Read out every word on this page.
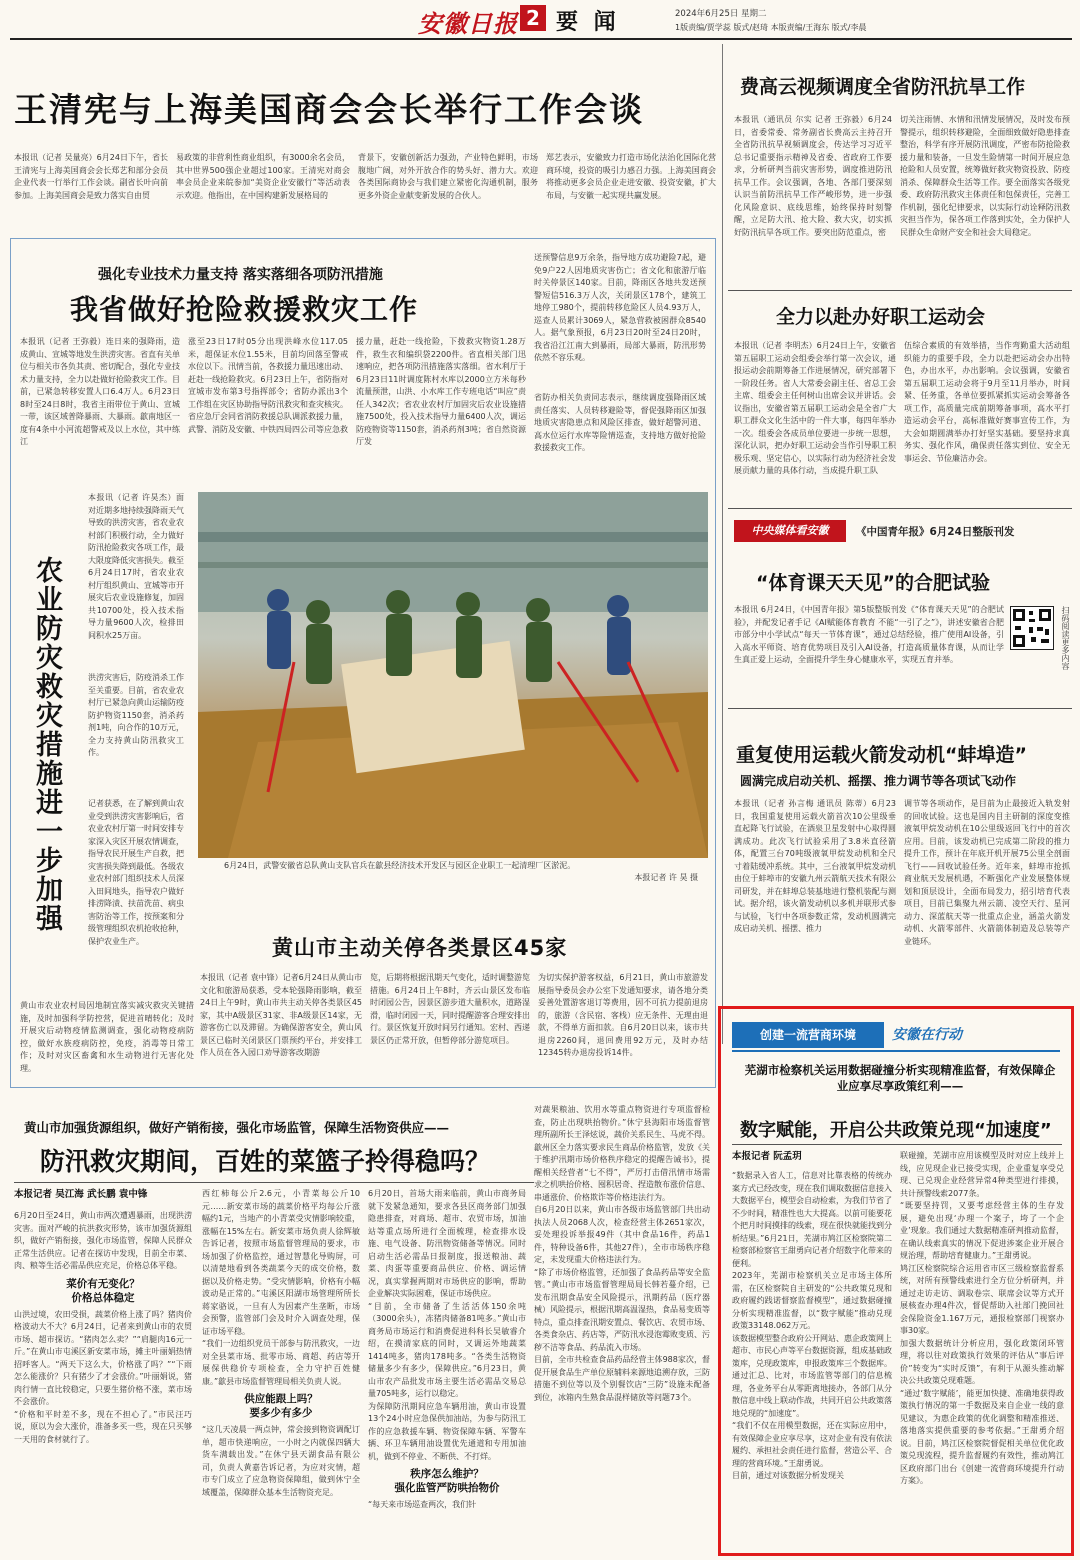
安徽日报 2 要 闻	2024年6月25日 星期二
1版责编/贾学蕊 版式/赵琦 本版责编/王海东 版式/李晨
王清宪与上海美国商会会长举行工作会谈
本报讯（记者 吴量亮）6月24日下午，省长王清宪与上海美国商会会长郑艺和部分会员企业代表一行举行工作会谈。副省长叶向前参加。上海美国商会是致力落实自由贸
易政策的非营利性商业组织，有3000余名会员，其中世界500强企业超过100家。王清宪对商会率会员企业来皖参加“美资企业安徽行”等活动表示欢迎。他指出，在中国构建新发展格局的
背景下，安徽创新活力强劲，产业特色鲜明，市场腹地广阔，对外开放合作的势头好、潜力大。欢迎各类国际商协会与我们建立紧密化沟通机制，服务更多外资企业献变新发展的合伙人。
郑艺表示，安徽致力打造市场化法治化国际化营商环境，投资的吸引力感召力强。上海美国商会将推动更多会员企业走进安徽、投资安徽，扩大布局，与安徽一起实现共赢发展。
费高云视频调度全省防汛抗旱工作
本报讯（通讯员 尔实 记者 王弥毅）6月24日，省委常委、常务副省长费高云主持召开全省防汛抗旱视频调度会，传达学习习近平总书记重要指示精神及省委、省政府工作要求，分析研判当前灾害形势，调度推进防汛抗旱工作。会议强调，各地、各部门要深刻认识当前防汛抗旱工作严峻形势，进一步强化风险意识、底线思维，始终保持时刻警醒，立足防大汛、抢大险、救大灾，切实抓好防汛抗旱各项工作。要突出防范重点，密
切关注雨情、水情和汛情发展情况，及时发布预警提示，组织转移避险，全面细致做好隐患排查整治，科学有序开展防汛调度，严密布防抢险救援力量和装备，一旦发生险情第一时间开展应急抢险和人员安置，统筹做好救灾物资投放、防疫消杀、保障群众生活等工作。要全面落实各级党委、政府防汛救灾主体责任和包保责任，完善工作机制，强化纪律要求，以实际行动诠释防汛救灾担当作为，保各项工作落到实处，全力保护人民群众生命财产安全和社会大局稳定。
强化专业技术力量支持 落实落细各项防汛措施
我省做好抢险救援救灾工作
本报讯（记者 王弥毅）连日来的强降雨，造成黄山、宣城等地发生洪涝灾害。省直有关单位与相关市各负其责、密切配合，强化专业技术力量支持，全力以赴做好抢险救灾工作。目前，已紧急转移安置人口6.4万人。6月23日8时至24日8时，我省主雨带位于黄山、宣城一带，该区域普降暴雨、大暴雨。歙南地区一度有4条中小河流超警戒及以上水位，其中练江
涨至23日17时05分出现洪峰水位117.05米，超保证水位1.55米，目前均回落至警戒水位以下。汛情当前，各救援力量迅速出动、赶赴一线抢险救灾。6月23日上午，省防指对宣城市发布第3号指挥部令；省防办派出3个工作组在灾区协助指导防汛救灾和查灾核灾。省应急厅会同省消防救援总队调派救援力量，武警、消防及安徽、中铁四局四公司等应急救
援力量，赶赴一线抢险，下拨救灾物资1.28万件，救生衣和编织袋2200件。省直相关部门迅速响应，把各项防汛措施落实落细。省水利厅于6月23日11时调度陈村水库以2000立方米每秒流量预泄，山洪、小水库工作专班电话“叫应”责任人342次；省农业农村厅加固灾后农业设施措施7500处，投入技术指导力量6400人次，调运防疫物资等1150套，消杀药剂3吨；省自然资源厅发
送预警信息9万余条，指导地方成功避险7起，避免9户22人因地质灾害伤亡；省文化和旅游厅临时关停景区140家。目前，降雨区各地共发送预警短信516.3万人次，关闭景区178个，建筑工地停工980个，提前转移危险区人员4.93万人，巡查人员累计3069人，紧急营救被困群众8540人。据气象预报，6月23日20时至24日20时，我省沿江江南大到暴雨，局部大暴雨，防汛形势依然不容乐观。
省防办相关负责同志表示，继续调度强降雨区域责任落实、人员转移避险等，督促强降雨区加强地质灾害隐患点和风险区排查，做好超警河道、高水位运行水库等险情巡查，支持地方做好抢险救援救灾工作。
农业防灾救灾措施进一步加强
本报讯（记者 许昊杰）面对近期多地持续强降雨天气导致的洪涝灾害，省农业农村部门积极行动，全力做好防汛抢险救灾各项工作，最大限度降低灾害损失。截至6月24日17时，省农业农村厅组织黄山、宣城等市开展灾后农业设施修复，加固共10700处，投入技术指导力量9600人次，检排田间积水25万亩。
洪涝灾害后，防疫消杀工作至关重要。目前，省农业农村厅已紧急向黄山运输防疫防护物资1150套，消杀药剂1吨，向合作的10万元，全力支持黄山防汛救灾工作。
记者获悉，在了解到黄山农业受到洪涝灾害影响后，省农业农村厅第一时间安排专家深入灾区开展农情调查，指导农民开展生产自救，把灾害损失降到最低。各级农业农村部门组织技术人员深入田间地头，指导农户做好排涝降渍、扶苗洗苗、病虫害防治等工作，按预案和分级管理组织农机抢收抢种，保护农业生产。
黄山市农业农村局因地制宜落实减灾救灾关键措施，及时加强科学防控营，促进首晴转化；及时开展灾后动物疫情监测调查，强化动物疫病防控，做好水族疫病防控，免疫，消毒等日常工作；及时对灾区畜禽和水生动物进行无害化处理。
6月24日，武警安徽省总队黄山支队官兵在歙县经济技术开发区与园区企业职工一起清理厂区淤泥。
本报记者 许 昊 摄
黄山市主动关停各类景区45家
本报讯（记者 袁中锋）记者6月24日从黄山市文化和旅游局获悉，受本轮强降雨影响，截至24日上午9时，黄山市共主动关停各类景区45家，其中A级景区31家、非A级景区14家，无游客伤亡以及滞留。为确保游客安全，黄山风景区已临时关闭景区门票预约平台，并安排工作人员在各入园口劝导游客改期游
览，后期将根据汛期天气变化，适时调整游览措施。6月24日上午8时，齐云山景区发布临时闭园公告，因景区游步道大量积水，道路湿滑，临时闭园一天，同时提醒游客合理安排出行。景区恢复开放时间另行通知。宏村、西递景区仍正常开放，但暂停部分游览项目。
为切实保护游客权益，6月21日，黄山市旅游发展指导委员会办公室下发通知要求，请各地分类妥善处置游客退订等费用，因不可抗力提前退房的，旅游（含民宿、客栈）应无条件、无理由退款，不得单方面扣款。自6月20日以来，该市共退房2260间，退回费用92万元，及时办结12345转办退房投诉14件。
黄山市加强货源组织，做好产销衔接，强化市场监管，保障生活物资供应——
防汛救灾期间，百姓的菜篮子拎得稳吗？
本报记者 吴江海 武长鹏 袁中锋
6月20日至24日，黄山市两次遭遇暴雨，出现洪涝灾害。面对严峻的抗洪救灾形势，该市加强货源组织，做好产销衔接，强化市场监管，保障人民群众正常生活供应。记者在探访中发现，目前全市菜、肉、粮等生活必需品供应充足，价格总体平稳。
菜价有无变化？
价格总体稳定
山洪过境，农田受损，蔬菜价格上涨了吗？猪肉价格波动大不大？6月24日，记者来到黄山市的农贸市场、超市探访。“猪肉怎么卖？”“肩腿肉16元一斤。”在黄山市屯溪区新安菜市场，摊主叶丽娟热情招呼客人。“两天下这么大，价格涨了吗？”“下雨怎么能涨价？只有猪少了才会涨价。”叶丽娟说，猪肉行情一直比较稳定，只要生猪价格不涨，菜市场不会涨价。
“价格和平时差不多，现在不担心了。”市民汪巧说，原以为会大涨价，准备多买一些，现在只买够一天用的食材就行了。
西红柿每公斤2.6元，小青菜每公斤10元……新安菜市场的蔬菜价格平均每公斤涨幅约1元，当地产的小青菜受灾情影响较重，涨幅在15%左右。新安菜市场负责人徐辉敏告诉记者，按照市场监督管理局的要求，市场加强了价格监控，通过智慧化导购屏，可以清楚地看到各类蔬菜今天的成交价格，数据以及价格走势。“受灾情影响，价格有小幅波动是正常的。”屯溪区阳湖市场管理所所长蒋家骆说，一旦有人为因素产生垄断，市场会预警，监管部门会及时介入调查处理，保证市场平稳。
“我们一边组织党员干部参与防汛救灾，一边对全县菜市场、批零市场、商超、药店等开展保供稳价专项检查，全力守护百姓健康。”歙县市场监督管理局相关负责人说。
供应能跟上吗？
要多少有多少
“这几天凌晨一两点钟，常会接到物资调配订单，超市快递响应，一小时之内就保四辆大货车满载出发。”在休宁县天湖食品有限公司，负责人黄嘉告诉记者，为应对灾情，超市专门成立了应急物资保障组，做到休宁全域覆盖，保障群众基本生活物资充足。
6月20日，首场大雨来临前，黄山市商务局就下发紧急通知，要求各县区商务部门加强隐患排查，对商场、超市、农贸市场，加油站等重点场所进行全面梳理，检查排水设施、电气设备、防汛物资储备等情况。同时启动生活必需品日报制度，报送粮油、蔬菜、肉蛋等重要商品供应、价格、调运情况，真实掌握两期对市场供应的影响，帮助企业解决实际困难，保证市场供应。
“目前，全市储备了生活活体150余吨（3000余头），冻猪肉储备81吨多。”黄山市商务局市场运行和消费促进科科长吴敏睿介绍，在摸清家底的同时，又调运外地蔬菜1414吨多，猪肉178吨多。“各类生活物资储量多少有多少，保障供应。”6月23日，黄山市农产品批发市场主要生活必需品交易总量705吨多，运行以稳定。
为保障防汛期间应急车辆用油，黄山市设置13个24小时应急保供加油站，为参与防汛工作的应急救援车辆、物资保障车辆、军警车辆、环卫车辆用油设置优先通道和专用加油机，做到不停业、不断供、不打烊。
秩序怎么维护？
强化监管严防哄抬物价
“每天来市场巡查两次，我们针
对蔬果粮油、饮用水等重点物资进行专项监督检查，防止出现哄抬物价。”休宁县海阳市场监督管理所副所长王泽炫说，蔬价关系民生、马虎不得。
歙州区全力落实要求民生商品价格监管，发放《关于维护汛期市场价格秩序稳定的提醒告诫书》，提醒相关经营者“七不得”，严厉打击借汛情市场需求之机哄抬价格、囤积居奇、捏造散布涨价信息、串通涨价、价格欺诈等价格违法行为。
自6月20日以来，黄山市各级市场监管部门共出动执法人员2068人次，检查经营主体2651家次，妥处理投诉举报49件（其中食品16件，药品1件，特种设备6件，其他27件），全市市场秩序稳定，未发现重大价格违法行为。
“除了市场价格监管，还加强了食品药品等安全监管。”黄山市市场监督管理局局长韩若蔓介绍，已发布汛期食品安全风险提示，汛期药品（医疗器械）风险提示，根据汛期高温湿热，食品易变质等特点，重点排查汛期安置点、餐饮店、农贸市场、各类食杂店、药店等，严防汛水浸泡霉败变质、污秽不洁等食品、药品流入市场。
目前，全市共检查食品药品经营主体988家次，督促开展食品生产单位原辅料来源地追溯存放，三防措施不到位等以及个别餐饮店“三防”设施未配备到位，冰箱内生熟食品混样储放等问题73个。
全力以赴办好职工运动会
本报讯（记者 李明杰）6月24日上午，安徽省第五届职工运动会组委会举行第一次会议，通报运动会前期筹备工作进展情况，研究部署下一阶段任务。省人大常委会副主任、省总工会主席、组委会主任何树山出席会议并讲话。会议指出，安徽省第五届职工运动会是全省广大职工群众文化生活中的一件大事，每四年举办一次。组委会各成员单位要进一步统一思想，深化认识，把办好职工运动会当作引导职工积极乐观、坚定信心，以实际行动为经济社会发展贡献力量的具体行动，当成提升职工队
伍综合素质的有效举措，当作弯勤重大活动组织能力的重要手段，全力以赴把运动会办出特色，办出水平，办出影响。会议强调，安徽省第五届职工运动会将于9月至11月举办，时间紧、任务重，各单位要抓紧抓实运动会筹备各项工作，高质量完成前期筹备事项，高水平打造运动会平台，高标准做好赛事宣传工作，为大会如期圆满举办打好坚实基础。要坚持求真务实、强化作风，确保责任落实到位、安全无事运会、节俭廉洁办会。
中央媒体看安徽	《中国青年报》6月24日整版刊发
“体育课天天见”的合肥试验
本报讯 6月24日，《中国青年报》第5版整版刊发《“体育课天天见”的合肥试验》，并配发记者手记《AI赋能体育教育 不能“一引了之”》，讲述安徽省合肥市部分中小学试点“每天一节体育课”，通过总结经验，推广使用AI设备，引入高水平师资、培育优势项目及引入AI设备，打造高质量体育课，从而让学生真正爱上运动，全面提升学生身心健康水平，实现五育并举。	扫码阅读更多内容
重复使用运载火箭发动机“蚌埠造”
圆满完成启动关机、摇摆、推力调节等各项试飞动作
本报讯（记者 孙言梅 通讯员 陈蒂）6月23日，我国重复使用运载火箭首次10公里级垂直起降飞行试验，在酒泉卫星发射中心取得圆满成功。此次飞行试验采用了3.8米直径箭体，配置三台70吨级液氧甲烷发动机和全尺寸着陆缓冲系统。其中，三台液氧甲烷发动机由位于蚌埠市的安徽九州云箭航天技术有限公司研发，并在蚌埠总装基地进行整机装配与测试。据介绍，该火箭发动机以多机并联形式参与试验，飞行中各项参数正常，发动机圆满完成启动关机、摇摆、推力
调节等各项动作，是目前为止最接近入轨发射的回收试验。这也是国内目主研制的深度变推液氧甲烷发动机在10公里级返回飞行中的首次应用。目前，该发动机已完成第二阶段的推力提升工作，预计在年底开机开展75公里全剖面飞行——回收试验任务。近年来，蚌埠市抢抓商业航天发展机遇，不断强化产业发展整体规划和顶层设计，全面布局发力，招引培育代表项目，目前已集聚九州云箭、凌空天行、星河动力、深蓝航天等一批重点企业，涵盖火箭发动机、火箭零部件、火箭箭体制造及总装等产业链环。
创建一流营商环境	安徽在行动
芜湖市检察机关运用数据碰撞分析实现精准监督，有效保障企业应享尽享政策红利——
数字赋能，开启公共政策兑现“加速度”
本报记者 阮孟玥
“数据录入省人工，信息对比靠表格的传统办案方式已经改变，现在我们调取数据信息接入大数据平台，模型会自动检索，为我们节省了不少时间，精准性也大大提高。以前可能要花个把月时间摸排的线索，现在很快就能找到分析结果。”6月21日，芜湖市鸠江区检察院第二检察部检察官王甜勇向记者介绍数字化带来的便利。
2023年，芜湖市检察机关立足市场主体所需，在区检察院自主研发的“公共政策兑现和政府履约践诺督察监督模型”，通过数据碰撞分析实现精准监督，以“数字赋能”推动兑现政策33148.062万元。
该数据模型整合政府公开网站、惠企政策网上超市、市民心声等平台数据资源，组成基础政策库，兑现政策库，申报政策库三个数据库。通过汇总、比对，市场监管等部门的信息梳理，各业务平台从零距离地接办，各部门从分散信息中线上联动作战，共同开启公共政策落地兑现的“加速度”。
“我们不仅在用模型数据，还在实际应用中，有效保障企业应享尽享，这对企业有没有依法履约、承担社会责任进行监督，营造公平、合理的营商环境。”王甜勇说。
目前，通过对该数据分析发现关
联碰撞，芜湖市应用该模型及时对应上线并上线，应见现企业已接受实现，企业重复享受兑现、已兑现企业经营异常4种类型进行排摸，共计预警线索2077条。
“既要坚持罚，又要考虑经营主体的生存发展，避免出现‘办理一个案子，垮了一个企业’现象。我们通过大数据精准研判推动监督，在确认线索真实的情况下促进涉案企业开展合规治理，帮助培育健康力。”王甜勇说。
鸠江区检察院综合运用省市区三级检察监督系统，对所有预警线索进行全方位分析研判，并通过走访走访、调取卷宗、联席会议等方式开展核查办理4件次，督促帮助入社部门挽回社会保险资金1.167万元，通报检察部门视察办事30家。
加强大数据统计分析应用，强化政策闭环管理，将以往对政策执行效果的评估从“事后评价”转变为“实时反馈”，有利于从源头推动解决公共政策兑现难题。
“通过‘数字赋能’，能更加快捷、准确地获得政策执行情况的第一手数据及来自企业一线的意见建议，为惠企政策的优化调整和精准推送、落地落实提供重要的参考依据。”王甜勇介绍说。目前，鸠江区检察院督促相关单位优化政策兑现流程，提升监督履约有效性，推动鸠江区政府部门出台《创建一流营商环境提升行动方案》。
